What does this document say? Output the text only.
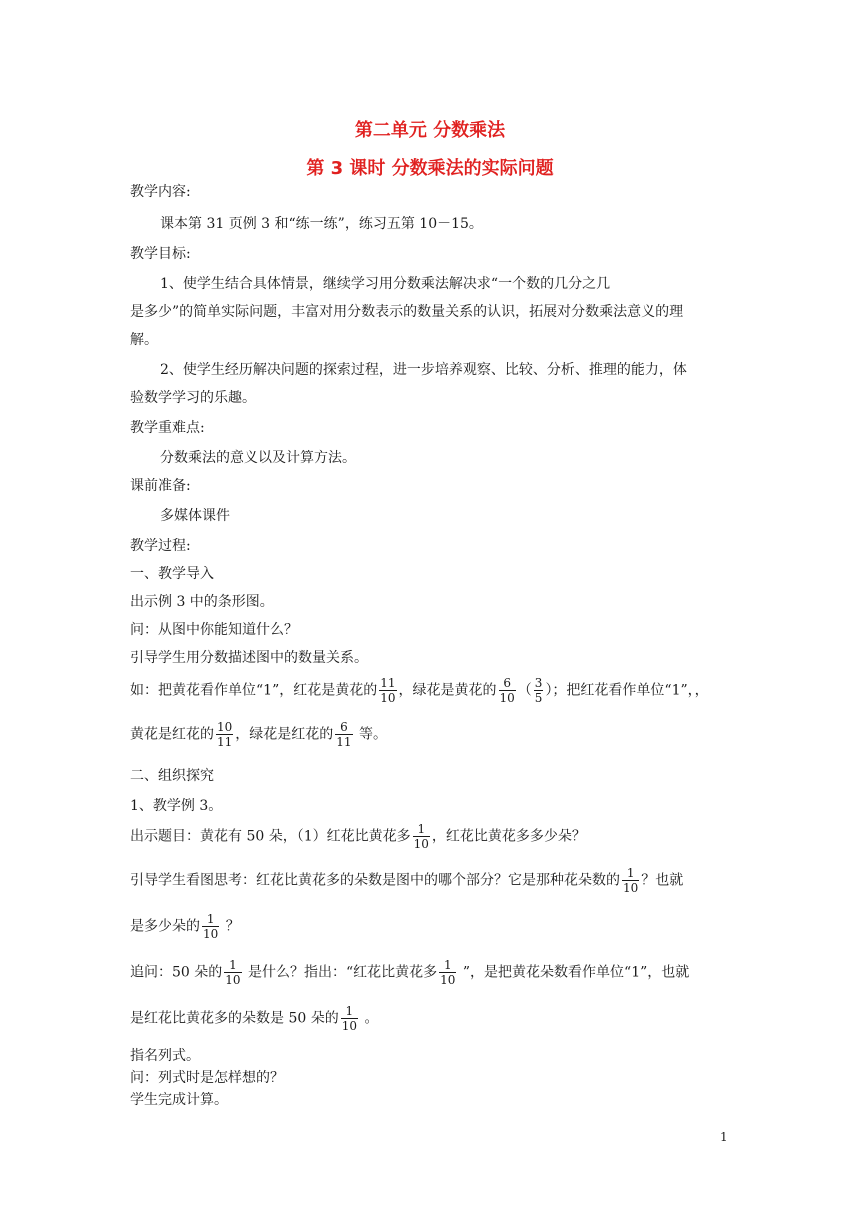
第二单元 分数乘法
第 3 课时 分数乘法的实际问题
教学内容:
课本第 31 页例 3 和“练一练”，练习五第 10－15。
教学目标:
1、使学生结合具体情景，继续学习用分数乘法解决求“一个数的几分之几
是多少”的简单实际问题，丰富对用分数表示的数量关系的认识，拓展对分数乘法意义的理
解。
2、使学生经历解决问题的探索过程，进一步培养观察、比较、分析、推理的能力，体
验数学学习的乐趣。
教学重难点:
分数乘法的意义以及计算方法。
课前准备:
多媒体课件
教学过程:
一、教学导入
出示例 3 中的条形图。
问：从图中你能知道什么？
引导学生用分数描述图中的数量关系。
如：把黄花看作单位“1”，红花是黄花的 $\frac{11}{10}$ ，绿花是黄花的 $\frac{6}{10}$ （ $\frac{3}{5}$ ）；把红花看作单位“1”，，
黄花是红花的 $\frac{10}{11}$ ，绿花是红花的 $\frac{6}{11}$ 等。
二、组织探究
1、教学例 3。
出示题目：黄花有 50 朵，（1）红花比黄花多 $\frac{1}{10}$ ，红花比黄花多多少朵？
引导学生看图思考：红花比黄花多的朵数是图中的哪个部分？它是那种花朵数的 $\frac{1}{10}$ ？也就
是多少朵的 $\frac{1}{10}$ ？
追问：50 朵的 $\frac{1}{10}$ 是什么？指出：“红花比黄花多 $\frac{1}{10}$ ”，是把黄花朵数看作单位“1”，也就
是红花比黄花多的朵数是 50 朵的 $\frac{1}{10}$ 。
指名列式。
问：列式时是怎样想的？
学生完成计算。
1
